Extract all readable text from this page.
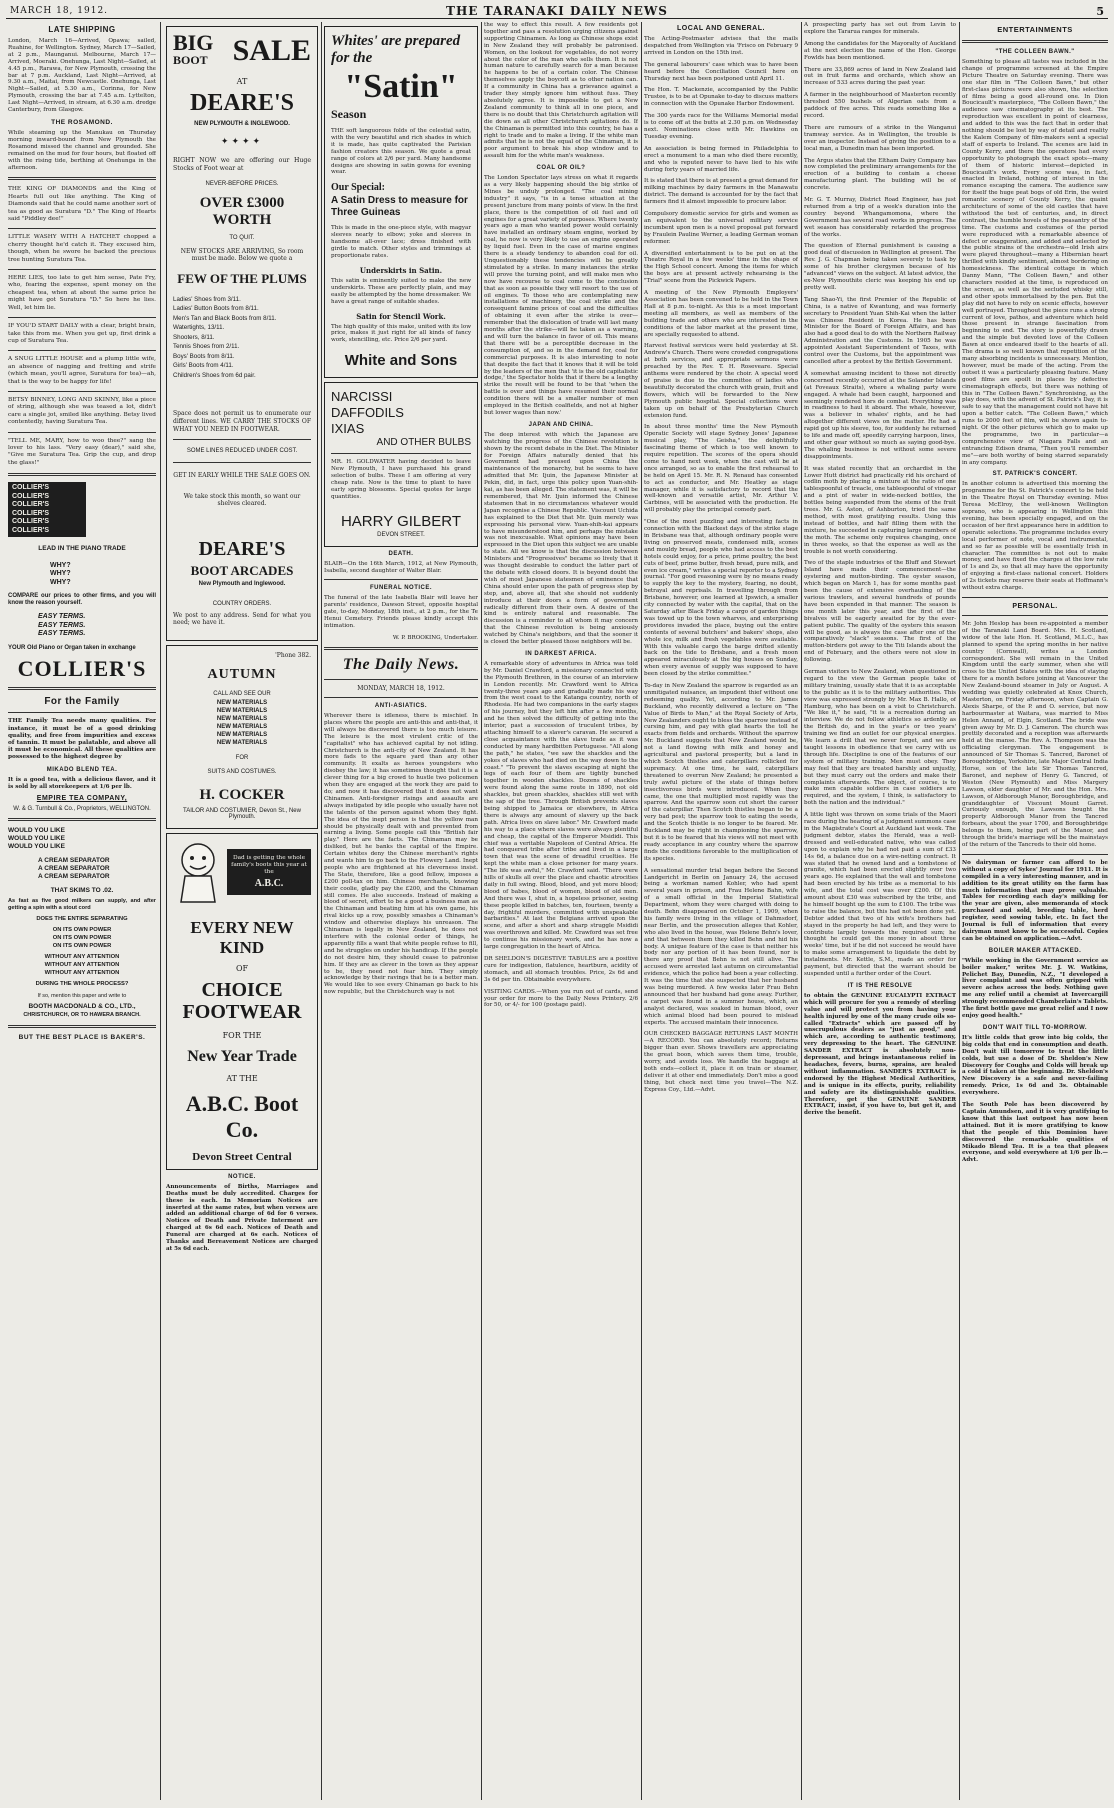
MARCH 18, 1912.	THE TARANAKI DAILY NEWS	5
LATE SHIPPING

London, March 16—Arrived, Opawa; sailed, Ruahine, for Wellington. Sydney, March 17—Sailed, at 2 p.m., Maunganui. Melbourne, March 17—Arrived, Moeraki. Onehunga, Last Night—Sailed, at 4.45 p.m., Rarawa, for New Plymouth, crossing the bar at 7 p.m. Auckland, Last Night—Arrived, at 9.30 a.m., Maitai, from Newcastle. Onehunga, Last Night—Sailed, at 5.30 a.m., Corinna, for New Plymouth, crossing the bar at 7.45 a.m. Lyttelton, Last Night—Arrived, in stream, at 6.30 a.m. dredge Canterbury, from Glasgow.

THE ROSAMOND.

While steaming up the Manukau on Thursday morning inward-bound from New Plymouth the Rosamond missed the channel and grounded. She remained on the mud for four hours, but floated off with the rising tide, berthing at Onehunga in the afternoon.

THE KING OF DIAMONDS and the King of Hearts full out like anything. The King of Diamonds said that he could name another sort of tea as good as Suratura "D." The King of Hearts said "Piddley dee!"

LITTLE WASHY WITH A HATCHET chopped a cherry thought he'd catch it. They excused him, though, when he swore he backed the precious tree hunting Suratura Tea.

HERE LIES, too late to get him sense, Pate Fry, who, fearing the expense, spent money on the cheapest tea, when at about the same price he might have got Suratura "D." So here he lies. Well, let him lie.

IF YOU'D START DAILY with a clear, bright brain, take this from me. When you get up, first drink a cup of Suratura Tea.

A SNUG LITTLE HOUSE and a plump little wife, an absence of nagging and fretting and strife (which mean, you'll agree, Suratura for tea)—ah, that is the way to be happy for life!

BETSY BINNEY, LONG AND SKINNY, like a piece of string, although she was teased a lot, didn't care a single jot, smiled like anything. Betsy lived contentedly, having Suratura Tea.

"TELL ME, MARY, how to woo thee?" sang the lover to his lass. "Very easy (dear)," said she, "Give me Suratura Tea. Grip the cup, and drop the glass!"

COLLIER'S
COLLIER'S
COLLIER'S
COLLIER'S
COLLIER'S
COLLIER'S
LEAD IN THE PIANO TRADE
WHY?
WHY?
WHY?

COMPARE our prices to other firms, and you will know the reason yourself.

EASY TERMS.
EASY TERMS.
EASY TERMS.

YOUR Old Piano or Organ taken in exchange

COLLIER'S
For the Family

THE Family Tea needs many qualities. For instance, it must be of a good drinking quality, and free from impurities and excess of tannin. It must be palatable, and above all it must be economical. All these qualities are possessed to the highest degree by

MIKADO BLEND TEA.

It is a good tea, with a delicious flavor, and it is sold by all storekeepers at 1/6 per lb.

EMPIRE TEA COMPANY,
W. & G. Turnbull & Co., Proprietors, WELLINGTON.
WOULD YOU LIKE
WOULD YOU LIKE
WOULD YOU LIKE
A CREAM SEPARATOR
A CREAM SEPARATOR
A CREAM SEPARATOR
THAT SKIMS TO .02.

As fast as five good milkers can supply, and after getting a spin with a stout cord

DOES THE ENTIRE SEPARATING
ON ITS OWN POWER
ON ITS OWN POWER
ON ITS OWN POWER
WITHOUT ANY ATTENTION
WITHOUT ANY ATTENTION
WITHOUT ANY ATTENTION
DURING THE WHOLE PROCESS?
If so, mention this paper and write to
BOOTH MACDONALD & CO., LTD.,
CHRISTCHURCH, OR TO HAWERA BRANCH.
BUT THE BEST PLACE IS BAKER'S.
BIG
BOOT SALE
AT
DEARE'S
NEW PLYMOUTH & INGLEWOOD.
✦✦✦✦

RIGHT NOW we are offering our Huge Stocks of Foot wear at

NEVER-BEFORE PRICES.
OVER £3000 WORTH
TO QUIT.

NEW STOCKS ARE ARRIVING, So room must be made. Below we quote a

FEW OF THE PLUMS
Ladies' Shoes from 3/11.
Ladies' Button Boots from 8/11.
Men's Tan and Black Boots from 8/11.
Watertights, 13/11.
Shooters, 8/11.
Tennis Shoes from 2/11.
Boys' Boots from 8/11.
Girls' Boots from 4/11.
Children's Shoes from 6d pair.

Space does not permit us to enumerate our different lines. WE CARRY THE STOCKS OF WHAT YOU NEED IN FOOTWEAR.

SOME LINES REDUCED UNDER COST.

GET IN EARLY WHILE THE SALE GOES ON.

We take stock this month, so want our shelves cleared.

DEARE'S
BOOT ARCADES
New Plymouth and Inglewood.
COUNTRY ORDERS.

We post to any address. Send for what you need; we have it.

'Phone 382.
AUTUMN
CALL AND SEE OUR
NEW MATERIALS
NEW MATERIALS
NEW MATERIALS
NEW MATERIALS
NEW MATERIALS
NEW MATERIALS
FOR
SUITS AND COSTUMES.
H. COCKER
TAILOR AND COSTUMIER, Devon St., New Plymouth.
Dad is getting the whole family's boots this year at the
A.B.C.
EVERY NEW
KIND
OF
CHOICE
FOOTWEAR
FOR THE
New Year Trade
AT THE
A.B.C. Boot Co.
Devon Street Central
NOTICE.

Announcements of Births, Marriages and Deaths must be duly accredited. Charges for these is each. In Memoriam Notices are inserted at the same rates, but when verses are added an additional charge of 6d for 6 verses. Notices of Death and Private Interment are charged at 6s 6d each. Notices of Death and Funeral are charged at 6s each. Notices of Thanks and Bereavement Notices are charged at 5s 6d each.

Whites' are prepared for the
"Satin"
Season

THE soft languorous folds of the celestial satin, with the very beautiful and rich shades in which it is made, has quite captivated the Parisian fashion creators this season. We quote a great range of colors at 2/6 per yard. Many handsome designs are showing in satin gowns for evening wear.

Our Special:
A Satin Dress to measure for Three Guineas

This is made in the one-piece style, with magyar sleeves nearly to elbow; yoke and sleeves in handsome all-over lace; dress finished with girdle to match. Other styles and trimmings at proportionate rates.

Underskirts in Satin.

This satin is eminently suited to make the new underskirts. These are perfectly plain, and may easily be attempted by the home dressmaker. We have a great range of suitable shades.

Satin for Stencil Work.

The high quality of this make, united with its low price, makes it just right for all kinds of fancy work, stencilling, etc. Price 2/6 per yard.

White and Sons
NARCISSI
DAFFODILS
IXIAS
AND OTHER BULBS

MR. H. GOLDWATER having decided to leave New Plymouth, I have purchased his grand selection of bulbs. These I am offering at very cheap rate. Now is the time to plant to have early spring blossoms. Special quotes for large quantities.

HARRY GILBERT
DEVON STREET.
DEATH.

BLAIR—On the 16th March, 1912, at New Plymouth, Isabella, second daughter of Walter Blair.

FUNERAL NOTICE.

The funeral of the late Isabella Blair will leave her parents' residence, Dawson Street, opposite hospital gate, to-day, Monday, 18th inst., at 2 p.m., for the Te Henui Cemetery. Friends please kindly accept this intimation.

W. P. BROOKING, Undertaker.
The Daily News.
MONDAY, MARCH 18, 1912.
ANTI-ASIATICS.

Wherever there is idleness, there is mischief. In places where the people are anti-this and anti-that, it will always be discovered there is too much leisure. The leisure is the most virulent critic of the "capitalist" who has achieved capital by not idling. Christchurch is the anti-city of New Zealand. It has more fads to the square yard than any other community. It exalts as heroes youngsters who disobey the law; it has sometimes thought that it is a clever thing for a big crowd to hustle two policemen when they are engaged at the work they are paid to do; and now it has discovered that it does not want Chinamen. Anti-foreigner risings and assaults are always instigated by idle people who usually have not the talents of the person against whom they fight. The idea of the inept person is that the yellow man should be physically dealt with and prevented from earning a living. Some people call this "British fair play." Here are the facts. The Chinaman may be disliked, but he banks the capital of the Empire. Certain whites deny the Chinese merchant's rights and wants him to go back to the Flowery Land. Inept people who are frightened at his cleverness insist. The State, therefore, like a good fellow, imposes a £200 poll-tax on him. Chinese merchants, knowing their coolie, gladly pay the £200, and the Chinaman still comes. He also succeeds. Instead of making a blood of secret, effort to be a good a business man as the Chinaman and beating him at his own game, his rival kicks up a row, possibly smashes a Chinaman's window and otherwise displays his unreason. The Chinaman is legally in New Zealand, he does not interfere with the colonial order of things, he apparently fills a want that white people refuse to fill, and he struggles on under his handicap. If the people do not desire him, they should cease to patronise him. If they are as clever in the town as they appear to be, they need not fear him. They simply acknowledge by their ravings that he is a better man. We would like to see every Chinaman go back to his now republic, but the Christchurch way is not

the way to effect this result. A few residents got together and pass a resolution urging citizens against supporting Chinamen. As long as Chinese shops exist in New Zealand they will probably be patronised. Women, on the lookout for vegetables, do not worry about the color of the man who sells them. It is not human nature to carefully search for a man because he happens to be of a certain color. The Chinese themselves apply the boycott as to other nation can. If a community in China has a grievance against a trader they simply ignore him without fuss. They absolutely agree. It is impossible to get a New Zealand community to think all in one piece, and there is no doubt that this Christchurch agitation will die down as all other Christchurch agitations do. If the Chinaman is permitted into this country, he has a right to trade and to make a living. If the white man admits that he is not the equal of the Chinaman, it is poor argument to break his shop window and to assault him for the white man's weakness.

COAL OR OIL?

The London Spectator lays stress on what it regards as a very likely happening should the big strike of Mines be unduly prolonged. "The coal mining industry" it says, "is in a tense situation at the present juncture from many points of view. In the first place, there is the competition of oil fuel and oil engines for a great variety of purposes. Where twenty years ago a man who wanted power would certainly have installed an ordinary steam engine, worked by coal, he now is very likely to use an engine operated by liquid fuel. Even in the case of marine engines there is a steady tendency to abandon coal for oil. Unquestionably these tendencies will be greatly stimulated by a strike. In many instances the strike will prove the turning point, and will make men who now have recourse to coal come to the conclusion that as soon as possible they will resort to the use of oil engines. To those who are contemplating new installations of machinery, the coal strike and the consequent famine prices of coal and the difficulties of obtaining it even after the strike is over—remember that the dislocation of trade will last many months after the strike—will be taken as a warning, and will turn the balance in favor of oil. This means that there will be a perceptible decrease in the consumption of, and so in the demand for, coal for commercial purposes. It is also interesting to note that despite the fact that it knows that it will be told by the leaders of the men that 'it is the old capitalistic dodge,' the Spectator holds that if there be a lengthy strike the result will be found to be that 'when the battle is over and things have resumed their normal condition there will be a smaller number of men employed in the British coalfields, and not at higher but lower wages than now.'

JAPAN AND CHINA.

The deep interest with which the Japanese are watching the progress of the Chinese revolution is shown by the recent debate in the Diet. The Minister for Foreign Affairs naturally denied that his Government had pressed upon China the maintenance of the monarchy, but he seems to have admitted that Mr. Ijuin, the Japanese Minister at Pekin, did, in fact, urge this policy upon Yuan-shih-kai, as has been alleged. The statement was, it will be remembered, that Mr. Ijuin informed the Chinese statesmen that in no circumstances whatever would Japan recognise a Chinese Republic. Viscount Uchida has explained to the Diet that Mr. Ijuin merely was expressing his personal view. Yuan-shih-kai appears to have misunderstood him, and perhaps the mistake was not inexcusable. What opinions may have been expressed in the Diet upon this subject we are unable to state. All we know is that the discussion between Ministers and "Progressives" became so lively that it was thought desirable to conduct the latter part of the debate with closed doors. It is beyond doubt the wish of most Japanese statesmen of eminence that China should enter upon the path of progress step by step, and, above all, that she should not suddenly introduce at their doors a form of government radically different from their own. A desire of the kind is entirely natural and reasonable. The discussion is a reminder to all whom it may concern that the Chinese revolution is being anxiously watched by China's neighbors, and that the sooner it is closed the better pleased those neighbors will be.

IN DARKEST AFRICA.

A remarkable story of adventures in Africa was told by Mr. Daniel Crawford, a missionary connected with the Plymouth Brethren, in the course of an interview in London recently. Mr. Crawford went to Africa twenty-three years ago and gradually made his way from the west coast to the Katanga country, north of Rhodesia. He had two companions in the early stages of his journey, but they left him after a few months, and he then solved the difficulty of getting into the interior, past a succession of truculent tribes, by attaching himself to a slaver's caravan. He secured a close acquaintance with the slave trade as it was conducted by many hardbitten Portuguese. "All along the path," he states, "we saw the shackles and the yokes of slaves who had died on the way down to the coast." "To prevent the slaves escaping at night the legs of each four of them are tightly bunched together in wooden shackles. Dozens of shackles were found along the same route in 1890, not old shackles, but green shackles, shackles still wet with the sap of the tree. Through British prevents slaves being shipped to Jamaica or elsewhere, in Africa there is always any amount of slavery up the back path. Africa lives on slave labor." Mr. Crawford made his way to a place where slaves were always plentiful and cheap, the capital of the Emperor Msididi. This chief was a veritable Napoleon of Central Africa. He had conquered tribe after tribe and lived in a large town that was the scene of dreadful cruelties. He kept the white man a close prisoner for many years. "The life was awful," Mr. Crawford said. "There were hills of skulls all over the place and chaotic atrocities daily in full swing. Blood, blood, and yet more blood; blood of babes, blood of women, blood of old men. And there was I, shut in, a hopeless prisoner, seeing these people killed in batches, ten, fourteen, twenty a day, frightful murders, committed with unspeakable barbarities." At last the Belgians arrived upon the scene, and after a short and sharp struggle Msididi was overthrown and killed. Mr. Crawford was set free to continue his missionary work, and he has now a large congregation in the heart of Africa.

DR SHELDON'S DIGESTIVE TABULES are a positive cure for indigestion, flatulence, heartburn, acidity of stomach, and all stomach troubles. Price, 2s 6d and 3s 6d per tin. Obtainable everywhere.

VISITING CARDS.—When you run out of cards, send your order for more to the Daily News Printery. 2/6 for 50, or 4/- for 100 (postage paid).

LOCAL AND GENERAL.

The Acting-Postmaster advises that the mails despatched from Wellington via 'Frisco on February 9 arrived in London on the 15th inst.

The general labourers' case which was to have been heard before the Conciliation Council here on Thursday next has been postponed until April 11.

The Hon. T. Mackenzie, accompanied by the Public Trustee, is to be at Opunake to-day to discuss matters in connection with the Opunake Harbor Endowment.

The 300 yards race for the Williams Memorial medal is to come off at the butts at 2.30 p.m. on Wednesday next. Nominations close with Mr. Hawkins on Tuesday evening.

An association is being formed in Philadelphia to erect a monument to a man who died there recently, and who is reputed never to have lied to his wife during forty years of married life.

It is stated that there is at present a great demand for milking machines by dairy farmers in the Manawatu district. The demand is accounted for by the fact that farmers find it almost impossible to procure labor.

Compulsory domestic service for girls and women as an equivalent to the universal military service incumbent upon men is a novel proposal put forward by Fraulein Pauline Werner, a leading German woman reformer.

A diversified entertainment is to be put on at the Theatre Royal in a few weeks' time in the shape of the High School concert. Among the items for which the boys are at present actively rehearsing is the "Trial" scene from the Pickwick Papers.

A meeting of the New Plymouth Employers' Association has been convened to be held in the Town Hall at 8 p.m. to-night. As this is a most important meeting all members, as well as members of the building trade and others who are interested in the conditions of the labor market at the present time, are specially requested to attend.

Harvest festival services were held yesterday at St. Andrew's Church. There were crowded congregations at both services, and appropriate sermons were preached by the Rev. T. H. Roseveare. Special anthems were rendered by the choir. A special word of praise is due to the committee of ladies who beautifully decorated the church with grain, fruit and flowers, which will be forwarded to the New Plymouth public hospital. Special collections were taken up on behalf of the Presbyterian Church extension fund.

In about three months' time the New Plymouth Operatic Society will stage Sydney Jones' Japanese musical play, "The Geisha," the delightfully fascinating theme of which is too well known to require repetition. The scores of the opera should come to hand next week, when the cast will be at once arranged, so as to enable the first rehearsal to be held on April 15. Mr. R. N. Renaud has consented to act as conductor, and Mr. Heatley as stage manager, while it is satisfactory to record that the well-known and versatile artist, Mr. Arthur V. Carbines, will be associated with the production. He will probably play the principal comedy part.

"One of the most puzzling and interesting facts in connection with the Blackest days of the strike stage in Brisbane was that, although ordinary people were living on preserved meats, condensed milk, scones and mouldy bread, people who had access to the best hotels could enjoy, for a price, prime poultry, the best cuts of beef, prime butter, fresh bread, pure milk, and even ice cream," writes a special reporter to a Sydney journal. "For good reasoning were by no means ready to supply the key to the mystery, fearing, no doubt, betrayal and reprisals. In travelling through from Brisbane, however, one learned at Ipswich, a smaller city connected by water with the capital, that on the Saturday after Black Friday a cargo of garden things was towed up to the town wharves, and enterprising providores invaded the place, buying out the entire contents of several butchers' and bakers' shops, also whole ice, milk and fresh vegetables were available. With this valuable cargo the barge drifted silently back on the tide to Brisbane, and a fresh moon appeared miraculously at the big houses on Sunday, when every avenue of supply was supposed to have been closed by the strike committee."

To-day in New Zealand the sparrow is regarded as an unmitigated nuisance, an impudent thief without one redeeming quality. Yet, according to Mr. James Buckland, who recently delivered a lecture on "The Value of Birds to Man," at the Royal Society of Arts, New Zealanders ought to bless the sparrow instead of cursing him, and pay with glad hearts the toll he exacts from fields and orchards. Without the sparrow Mr. Buckland suggests that New Zealand would be, not a land flowing with milk and honey and agricultural and pastoral prosperity, but a land in which Scotch thistles and caterpillars rollicked for supremacy. At one time, he said, caterpillars threatened to overrun New Zealand; he presented a truly awful picture of the state of things before insectivorous birds were introduced. When they came, the one that multiplied most rapidly was the sparrow. And the sparrow soon cut short the career of the caterpillar. Then Scotch thistles began to be a very bad pest; the sparrow took to eating the seeds, and the Scotch thistle is no longer to be feared. Mr. Buckland may be right in championing the sparrow, but it is to be feared that his views will not meet with ready acceptance in any country where the sparrow finds the conditions favorable to the multiplication of its species.

A sensational murder trial began before the Second Landgericht in Berlin on January 24, the accused being a workman named Kohler, who had spent several years in prison, and Frau Helene Bahn, wife of a small official in the Imperial Statistical Department, whom they were charged with doing to death. Behn disappeared on October 1, 1909, when his family were living in the village of Dahmsdorf, near Berlin, and the prosecution alleges that Kohler, who also lived in the house, was Helene Behn's lover, and that between them they killed Behn and hid his body. A unique feature of the case is that neither his body nor any portion of it has been found, nor is there any proof that Behn is not still alive. The accused were arrested last autumn on circumstantial evidence, which the police had been a year collecting. It was the time that she suspected that her husband was being murdered. A few weeks later Frau Behn announced that her husband had gone away. Further, a carpet was found in a summer house, which, an analyst declared, was soaked in human blood, over which animal blood had been poured to mislead experts. The accused maintain their innocence.

OUR CHECKED BAGGAGE RETURNS LAST MONTH—A RECORD. You can absolutely record; Returns bigger than ever. Shows travellers are appreciating the great boon, which saves them time, trouble, worry, and avoids loss. We handle the baggage at both ends—collect it, place it on train or steamer, deliver it at other end immediately. Don't miss a good thing, but check next time you travel—The N.Z. Express Coy., Ltd.—Advt.

A prospecting party has set out from Levin to explore the Tararua ranges for minerals.

Among the candidates for the Mayoralty of Auckland at the next election the name of the Hon. George Fowlds has been mentioned.

There are 33,869 acres of land in New Zealand laid out in fruit farms and orchards, which show an increase of 533 acres during the past year.

A farmer in the neighbourhood of Masterton recently threshed 550 bushels of Algerian oats from a paddock of five acres. This reads something like a record.

There are rumours of a strike in the Wanganui tramway service. As in Wellington, the trouble is over an inspector. Instead of giving the position to a local man, a Dunedin man has been imported.

The Argus states that the Eltham Dairy Company has now completed the preliminary arrangements for the erection of a building to contain a cheese manufacturing plant. The building will be of concrete.

Mr. G. T. Murray, District Road Engineer, has just returned from a trip of a week's duration into the country beyond Whangamomona, where the Government has several road works in progress. The wet season has considerably retarded the progress of the works.

The question of Eternal punishment is causing a good deal of discussion in Wellington at present. The Rev. J. G. Chapman being taken severely to task by some of his brother clergymen because of his "advanced" views on the subject. At latest advice, the ex-New Plymouthite cleric was keeping his end up pretty well.

Tang Shao-Yi, the first Premier of the Republic of China, is a native of Kwantung, and was formerly secretary to President Yuan Shih-Kai when the latter was Chinese Resident in Korea. He has been Minister for the Board of Foreign Affairs, and has also had a good deal to do with the Northern Railway Administration and the Customs. In 1905 he was appointed Assistant Superintendent of Taxes, with control over the Customs, but the appointment was cancelled after a protest by the British Government.

A somewhat amusing incident to those not directly concerned recently occurred at the Solander Islands (at Foveaux Straits), where a whaling party were engaged. A whale had been caught, harpooned and seemingly rendered hors de combat. Everything was in readiness to haul it aboard. The whale, however, was a believer in whales' rights, and he had altogether different views on the matter. He had a rapid got up his sleeve, too, for suddenly he returned to life and made off, speedily carrying harpoon, lines, and other gear without so much as saying good-bye. The whaling business is not without some severe disappointments.

It was stated recently that an orchardist in the Lower Hutt district had practically rid his orchard of codlin moth by placing a mixture at the ratio of one tablespoonful of treacle, one tablespoonful of vinegar and a pint of water in wide-necked bottles, the bottles being suspended from the stems of the fruit trees. Mr. G. Aston, of Ashburton, tried the same method, with most gratifying results. Using this instead of bottles, and half filling them with the mixture, he succeeded in capturing large numbers of the moth. The scheme only requires changing, once in three weeks, so that the expense as well as the trouble is not worth considering.

Two of the staple industries of the Bluff and Stewart Island have made their commencement—the oystering and mutton-birding. The oyster season, which began on March 1, has for some months past been the cause of extensive overhauling of the various trawlers, and several hundreds of pounds have been expended in that manner. The season is one month later this year, and the first of the bivalves will be eagerly awaited for by the ever-patient public. The quality of the oysters this season will be good, as is always the case after one of the comparatively "slack" seasons. The first of the mutton-birders got away to the Titi Islands about the end of February, and the others were not slow in following.

German visitors to New Zealand, when questioned in regard to the view the German people take of military training, usually state that it is as acceptable to the public as it is to the military authorities. This view was expressed strongly by Mr. Max B. Hallo, of Hamburg, who has been on a visit to Christchurch. "We like it," he said, "it is a recreation during an interview. We do not follow athletics so ardently as the British do, and in the year's or two years' training we find an outlet for our physical energies. We learn a drill that we never forget, and we are taught lessons in obedience that we carry with us through life. Discipline is one of the features of our system of military training. Men must obey. They may feel that they are treated harshly and unjustly, but they must carry out the orders and make their complaints afterwards. The object, of course, is to make men capable soldiers in case soldiers are required, and the system, I think, is satisfactory to both the nation and the individual."

A little light was thrown on some trials of the Maori race during the hearing of a judgment summons case in the Magistrate's Court at Auckland last week. The judgment debtor, states the Herald, was a well-dressed and well-educated native, who was called upon to explain why he had not paid a sum of £33 14s 6d, a balance due on a wire-netting contract. It was stated that he owned land and a tombstone of granite, which had been erected slightly over two years ago. He explained that the wall and tombstone had been erected by his tribe as a memorial to his wife, and the total cost was over £200. Of this amount about £30 was subscribed by the tribe, and he himself bought up the sum to £100. The tribe was to raise the balance, but this had not been done yet. Debtor added that two of his wife's brothers had stayed in the property he had left, and they were to contribute largely towards the required sum; he thought he could get the money in about three weeks' time, but if he did not succeed he would have to make some arrangement to liquidate the debt by instalments. Mr. Kettle, S.M., made an order for payment, but directed that the warrant should be suspended until a further order of the Court.

IT IS THE RESOLVE

to obtain the GENUINE EUCALYPTI EXTRACT which will procure for you a remedy of sterling value and will protect you from having your health injured by one of the many crude oils so-called "Extracts" which are passed off by unscrupulous dealers as "just as good," and which are, according to authentic testimony, very depressing to the heart. The GENUINE SANDER EXTRACT is absolutely non-depressant, and brings instantaneous relief in headaches, fevers, burns, sprains, are healed without inflammation. SANDER'S EXTRACT is endorsed by the Highest Medical Authorities, and is unique in its effects, purity, reliability and safety are its distinguishable qualities. Therefore, get the GENUINE SANDER EXTRACT, insist, if you have to, but get it, and derive the benefit.

ENTERTAINMENTS
"THE COLLEEN BAWN."

Something to please all tastes was included in the change of programme screened at the Empire Picture Theatre on Saturday evening. There was one star film in "The Colleen Bawn," but other first-class pictures were also shown, the selection of films being a good all-round one. In Dion Boucicault's masterpiece, "The Colleen Bawn," the audience saw cinematography at its best. The reproduction was excellent in point of clearness, and added to this was the fact that in order that nothing should be lost by way of detail and reality the Kalem Company of film-makers sent a special staff of experts to Ireland. The scenes are laid in County Kerry, and there the operators had every opportunity to photograph the exact spots—many of them of historic interest—depicted in Boucicault's work. Every scene was, in fact, enacted in Ireland, nothing of interest in the romance escaping the camera. The audience saw for itself the huge peat bogs of old Erin, the weird romantic scenery of County Kerry, the quaint architecture of some of the old castles that have withstood the test of centuries, and, in direct contrast, the humble hovels of the peasantry of the time. The customs and costumes of the period were reproduced with a remarkable absence of defect or exaggeration, and added and selected by the public strains of the orchestra—old Irish airs were played throughout—many a Hibernian heart thrilled with kindly sentiment, almost bordering on homesickness. The identical cottage in which Danny Mann, "The Colleen Bawn," and other characters resided at the time, is reproduced on the screen, as well as the secluded whisky still, and other spots immortalised by the pen. But the play did not have to rely on scenic effects, however well portrayed. Throughout the piece runs a strong current of love, pathos, and adventure which held those present in strange fascination from beginning to end. The story is powerfully drawn and the simple but devoted love of the Colleen Bawn at once endeared itself to the hearts of all. The drama is so well known that repetition of the many absorbing incidents is unnecessary. Mention, however, must be made of the acting. From the outset it was a particularly pleasing feature. Many good films are spoilt in places by defective cinematograph effects, but there was nothing of this in "The Colleen Bawn." Synchronising, as the play does, with the advent of St. Patrick's Day, it is safe to say that the management could not have hit upon a better catch. "The Colleen Bawn," which runs to 2000 feet of film, will be shown again to-night. Of the other pictures which go to make up the programme, two in particular—a comprehensive view of Niagara Falls and an entrancing Edison drama, "Then you'll remember me"—are both worthy of being starred separately in any company.

ST. PATRICK'S CONCERT.

In another column is advertised this morning the programme for the St. Patrick's concert to be held in the Theatre Royal on Thursday evening. Miss Teresa McElroy, the well-known Wellington soprano, who is appearing in Wellington this evening, has been specially engaged, and on the occasion of her first appearance here in addition to operatic selections. The programme includes every local performer of note, vocal and instrumental, and so far as possible will be essentially Irish in character. The committee is not out to make money, and have fixed the charges at the low rate of 1s and 2s, so that all may have the opportunity of enjoying a first-class national concert. Holders of 2s tickets may reserve their seats at Hoffmann's without extra charge.

PERSONAL.

Mr. John Heslop has been re-appointed a member of the Taranaki Land Board. Mrs. H. Scotland, widow of the late Hon. H. Scotland, M.L.C., has planned to spend the spring months in her native country (Cornwall), writes a London correspondent. She will remain in the United Kingdom until the early summer, when she will cross to the United States with the idea of staying there for a month before joining at Vancouver the New Zealand-bound steamer in July or August. A wedding was quietly celebrated at Knox Church, Masterton, on Friday afternoon, when Captain G. Alexis Sharpe, of the P. and O. service, but now harbourmaster at Waitara, was married to Miss Helen Annand, of Elgin, Scotland. The bride was given away by Mr. D. J. Cameron. The church was prettily decorated and a reception was afterwards held at the manse. The Rev. A. Thompson was the officiating clergyman. The engagement is announced of Sir Thomas S. Tancred, Baronet of Boroughbridge, Yorkshire, late Major Central India Horse, son of the late Sir Thomas Tancred, Baronet, and nephew of Henry G. Tancred, of Weston (New Plymouth) and Miss Margery Lawson, elder daughter of Mr. and the Hon. Mrs. Lawson, of Aldborough Manor, Boroughbridge, and granddaughter of Viscount Mount Garret. Curiously enough, the Lawsons bought the property Aldborough Manor from the Tancred forbears, about the year 1700, and Boroughbridge belongs to them, being part of the Manor, and through the bride's marriage will be the mainstays of the return of the Tancreds to their old home.

No dairyman or farmer can afford to be without a copy of Sykes' Journal for 1911. It is compiled in a very interesting manner, and in addition to its great utility on the farm has much information that may prove valuable. Tables for recording each day's milking for the year are given, also memoranda of stock purchased and sold, breeding table, herd register, seed sowing table, etc. In fact the Journal is full of information that every dairyman must know to be successful. Copies can be obtained on application.—Advt.

BOILER MAKER ATTACKED.

"While working in the Government service as boiler maker," writes Mr. J. W. Watkins, Pelichet Bay, Dunedin, N.Z., "I developed a liver complaint and was often gripped with severe aches across the body. Nothing gave me any relief until a chemist at Invercargill strongly recommended Chamberlain's Tablets. The first bottle gave me great relief and I now enjoy good health."

DON'T WAIT TILL TO-MORROW.

It's little colds that grow into big colds, the big colds that end in consumption and death. Don't wait till tomorrow to treat the little colds, but use a dose of Dr. Sheldon's New Discovery for Coughs and Colds will break up a cold if taken at the beginning. Dr. Sheldon's New Discovery is a safe and never-failing remedy. Price, 1s 6d and 3s. Obtainable everywhere.

The South Pole has been discovered by Captain Amundsen, and it is very gratifying to know that this last outpost has now been attained. But it is more gratifying to know that the people of this Dominion have discovered the remarkable qualities of Mikado Blend Tea. It is a tea that pleases everyone, and sold everywhere at 1/6 per lb.—Advt.
